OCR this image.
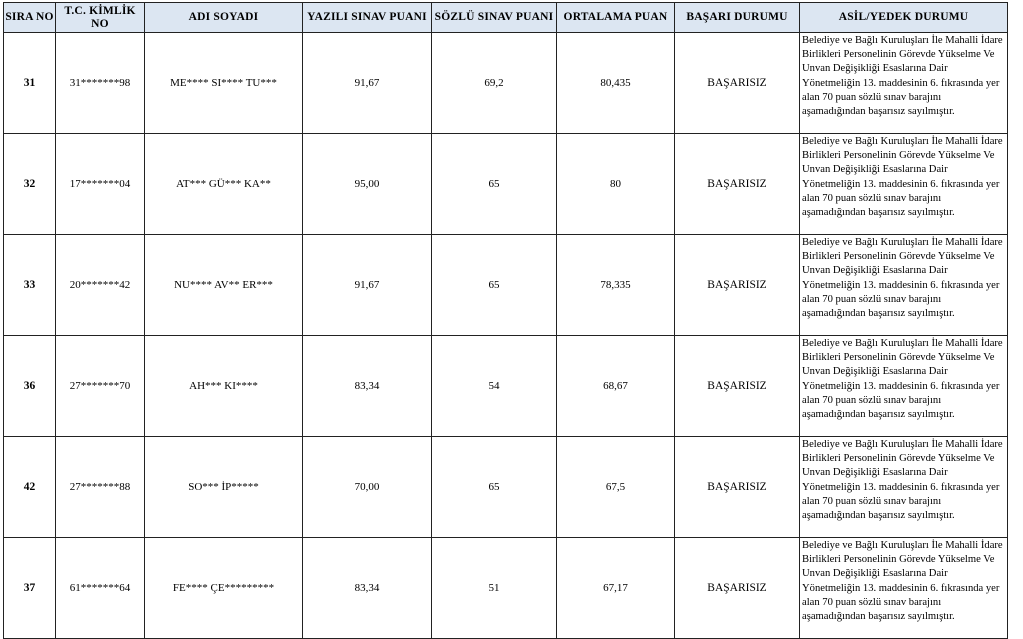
SIRA NO	T.C. KİMLİK NO	ADI SOYADI	YAZILI SINAV PUANI	SÖZLÜ SINAV PUANI	ORTALAMA PUAN	BAŞARI DURUMU	ASİL/YEDEK DURUMU
31	31*******98	ME**** SI**** TU***	91,67	69,2	80,435	BAŞARISIZ	Belediye ve Bağlı Kuruluşları İle Mahalli İdare Birlikleri Personelinin Görevde Yükselme Ve Unvan Değişikliği Esaslarına Dair Yönetmeliğin 13. maddesinin 6. fıkrasında yer alan 70 puan sözlü sınav barajını aşamadığından başarısız sayılmıştır.
32	17*******04	AT*** GÜ*** KA**	95,00	65	80	BAŞARISIZ	Belediye ve Bağlı Kuruluşları İle Mahalli İdare Birlikleri Personelinin Görevde Yükselme Ve Unvan Değişikliği Esaslarına Dair Yönetmeliğin 13. maddesinin 6. fıkrasında yer alan 70 puan sözlü sınav barajını aşamadığından başarısız sayılmıştır.
33	20*******42	NU**** AV** ER***	91,67	65	78,335	BAŞARISIZ	Belediye ve Bağlı Kuruluşları İle Mahalli İdare Birlikleri Personelinin Görevde Yükselme Ve Unvan Değişikliği Esaslarına Dair Yönetmeliğin 13. maddesinin 6. fıkrasında yer alan 70 puan sözlü sınav barajını aşamadığından başarısız sayılmıştır.
36	27*******70	AH*** KI****	83,34	54	68,67	BAŞARISIZ	Belediye ve Bağlı Kuruluşları İle Mahalli İdare Birlikleri Personelinin Görevde Yükselme Ve Unvan Değişikliği Esaslarına Dair Yönetmeliğin 13. maddesinin 6. fıkrasında yer alan 70 puan sözlü sınav barajını aşamadığından başarısız sayılmıştır.
42	27*******88	SO*** İP*****	70,00	65	67,5	BAŞARISIZ	Belediye ve Bağlı Kuruluşları İle Mahalli İdare Birlikleri Personelinin Görevde Yükselme Ve Unvan Değişikliği Esaslarına Dair Yönetmeliğin 13. maddesinin 6. fıkrasında yer alan 70 puan sözlü sınav barajını aşamadığından başarısız sayılmıştır.
37	61*******64	FE**** ÇE*********	83,34	51	67,17	BAŞARISIZ	Belediye ve Bağlı Kuruluşları İle Mahalli İdare Birlikleri Personelinin Görevde Yükselme Ve Unvan Değişikliği Esaslarına Dair Yönetmeliğin 13. maddesinin 6. fıkrasında yer alan 70 puan sözlü sınav barajını aşamadığından başarısız sayılmıştır.
